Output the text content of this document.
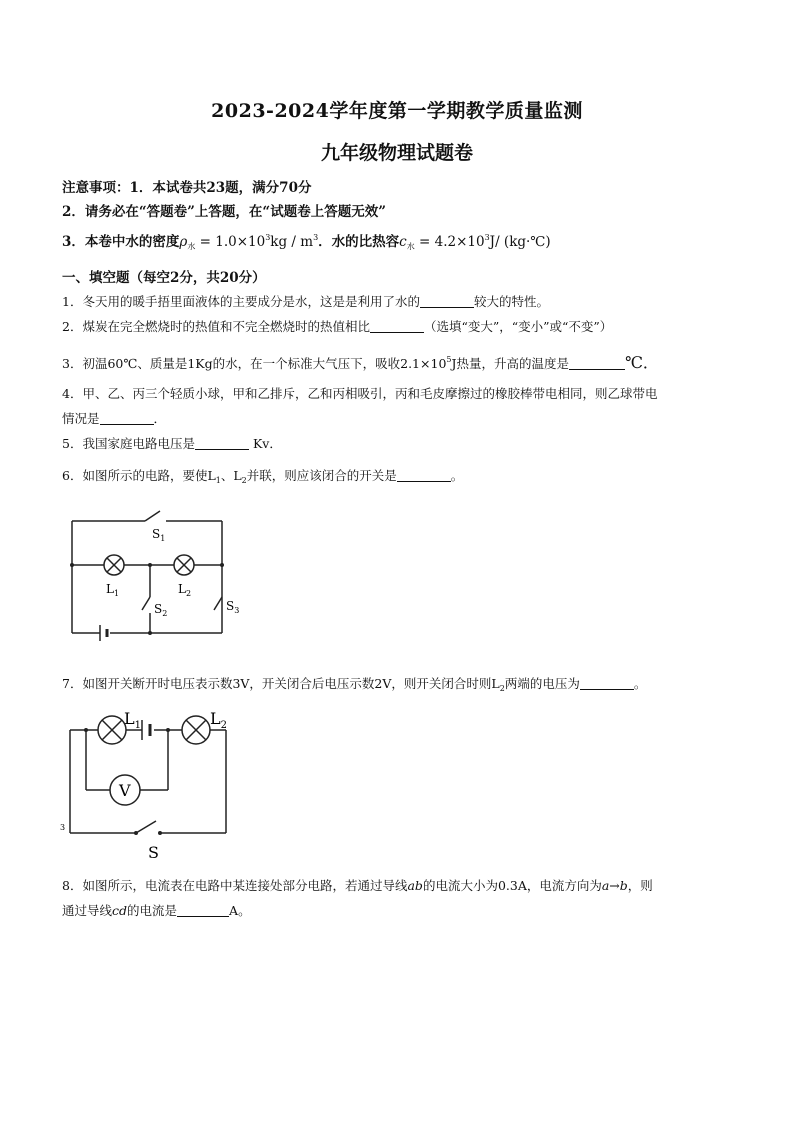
2023-2024学年度第一学期教学质量监测
九年级物理试题卷
注意事项：1．本试卷共23题，满分70分
2．请务必在“答题卷”上答题，在“试题卷上答题无效”
3．本卷中水的密度$\rho_水 = 1.0\times 10^3kg / m^3$．水的比热容$c_水 = 4.2\times 10^3J/$ (kg·℃)
一、填空题（每空2分，共20分）
1．冬天用的暖手捂里面液体的主要成分是水，这是是利用了水的	较大的特性。
2．煤炭在完全燃烧时的热值和不完全燃烧时的热值相比	（选填“变大”，“变小”或“不变”）
3．初温60℃、质量是1Kg的水，在一个标准大气压下，吸收$2.1\times 10^5J$热量，升高的温度是	℃．
4．甲、乙、丙三个轻质小球，甲和乙排斥，乙和丙相吸引，丙和毛皮摩擦过的橡胶棒带电相同，则乙球带电
情况是	．
5．我国家庭电路电压是	Kv．
6．如图所示的电路，要使$L_1$、$L_2$并联，则应该闭合的开关是	。
$S_1$
$L_1$	$L_2$
$S_2$
$S_3$
7．如图开关断开时电压表示数3V，开关闭合后电压示数2V，则开关闭合时则$L_2$两端的电压为	。
$L_1$	$L_2$
V
S
3
8．如图所示，电流表在电路中某连接处部分电路，若通过导线ab的电流大小为0.3A，电流方向为a→b，则
通过导线cd的电流是	A。
